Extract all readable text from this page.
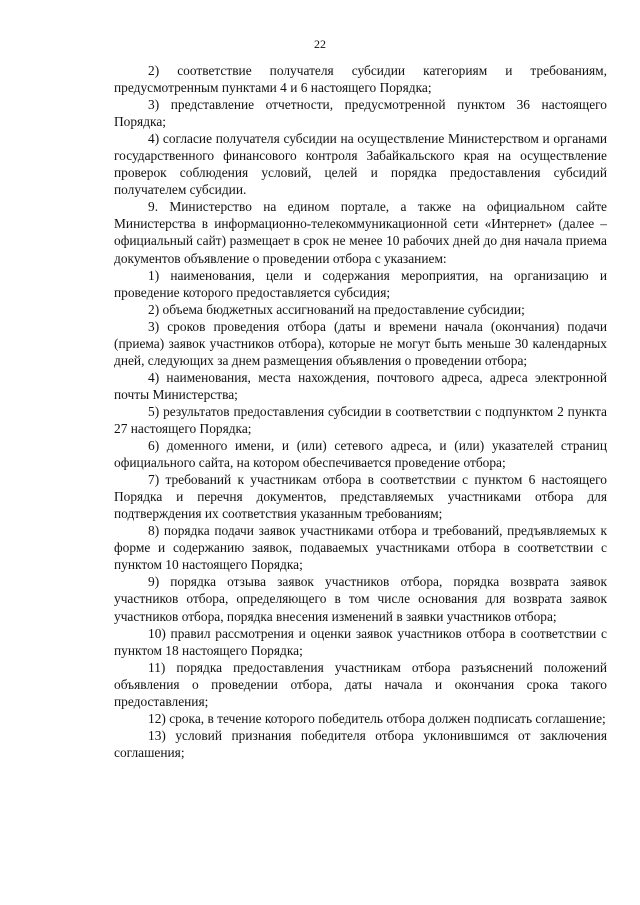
22

2) соответствие получателя субсидии категориям и требованиям, предусмотренным пунктами 4 и 6 настоящего Порядка;

3) представление отчетности, предусмотренной пунктом 36 настоящего Порядка;

4) согласие получателя субсидии на осуществление Министерством и органами государственного финансового контроля Забайкальского края на осуществление проверок соблюдения условий, целей и порядка предоставления субсидий получателем субсидии.

9. Министерство на едином портале, а также на официальном сайте Министерства в информационно-телекоммуникационной сети «Интернет» (далее – официальный сайт) размещает в срок не менее 10 рабочих дней до дня начала приема документов объявление о проведении отбора с указанием:

1) наименования, цели и содержания мероприятия, на организацию и проведение которого предоставляется субсидия;

2) объема бюджетных ассигнований на предоставление субсидии;

3) сроков проведения отбора (даты и времени начала (окончания) подачи (приема) заявок участников отбора), которые не могут быть меньше 30 календарных дней, следующих за днем размещения объявления о проведении отбора;

4) наименования, места нахождения, почтового адреса, адреса электронной почты Министерства;

5) результатов предоставления субсидии в соответствии с подпунктом 2 пункта 27 настоящего Порядка;

6) доменного имени, и (или) сетевого адреса, и (или) указателей страниц официального сайта, на котором обеспечивается проведение отбора;

7) требований к участникам отбора в соответствии с пунктом 6 настоящего Порядка и перечня документов, представляемых участниками отбора для подтверждения их соответствия указанным требованиям;

8) порядка подачи заявок участниками отбора и требований, предъявляемых к форме и содержанию заявок, подаваемых участниками отбора в соответствии с пунктом 10 настоящего Порядка;

9) порядка отзыва заявок участников отбора, порядка возврата заявок участников отбора, определяющего в том числе основания для возврата заявок участников отбора, порядка внесения изменений в заявки участников отбора;

10) правил рассмотрения и оценки заявок участников отбора в соответствии с пунктом 18 настоящего Порядка;

11) порядка предоставления участникам отбора разъяснений положений объявления о проведении отбора, даты начала и окончания срока такого предоставления;

12) срока, в течение которого победитель отбора должен подписать соглашение;

13) условий признания победителя отбора уклонившимся от заключения соглашения;
